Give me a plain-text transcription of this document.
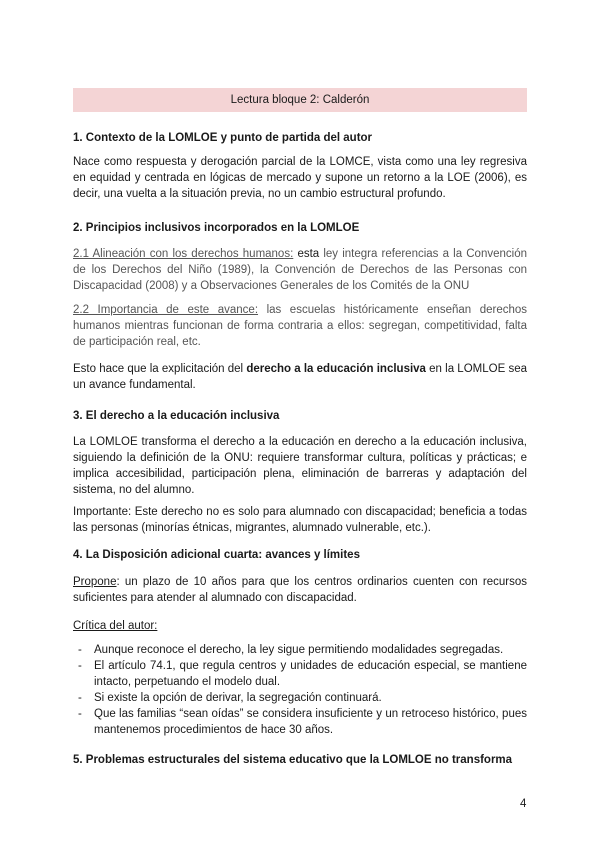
Lectura bloque 2: Calderón
1. Contexto de la LOMLOE y punto de partida del autor
Nace como respuesta y derogación parcial de la LOMCE, vista como una ley regresiva en equidad y centrada en lógicas de mercado y supone un retorno a la LOE (2006), es decir, una vuelta a la situación previa, no un cambio estructural profundo.
2. Principios inclusivos incorporados en la LOMLOE
2.1 Alineación con los derechos humanos: esta ley integra referencias a la Convención de los Derechos del Niño (1989), la Convención de Derechos de las Personas con Discapacidad (2008) y a Observaciones Generales de los Comités de la ONU
2.2 Importancia de este avance: las escuelas históricamente enseñan derechos humanos mientras funcionan de forma contraria a ellos: segregan, competitividad, falta de participación real, etc.
Esto hace que la explicitación del derecho a la educación inclusiva en la LOMLOE sea un avance fundamental.
3. El derecho a la educación inclusiva
La LOMLOE transforma el derecho a la educación en derecho a la educación inclusiva, siguiendo la definición de la ONU: requiere transformar cultura, políticas y prácticas; e implica accesibilidad, participación plena, eliminación de barreras y adaptación del sistema, no del alumno.
Importante: Este derecho no es solo para alumnado con discapacidad; beneficia a todas las personas (minorías étnicas, migrantes, alumnado vulnerable, etc.).
4. La Disposición adicional cuarta: avances y límites
Propone: un plazo de 10 años para que los centros ordinarios cuenten con recursos suficientes para atender al alumnado con discapacidad.
Crítica del autor:
- Aunque reconoce el derecho, la ley sigue permitiendo modalidades segregadas.
- El artículo 74.1, que regula centros y unidades de educación especial, se mantiene intacto, perpetuando el modelo dual.
- Si existe la opción de derivar, la segregación continuará.
- Que las familias “sean oídas” se considera insuficiente y un retroceso histórico, pues mantenemos procedimientos de hace 30 años.
5. Problemas estructurales del sistema educativo que la LOMLOE no transforma
4
